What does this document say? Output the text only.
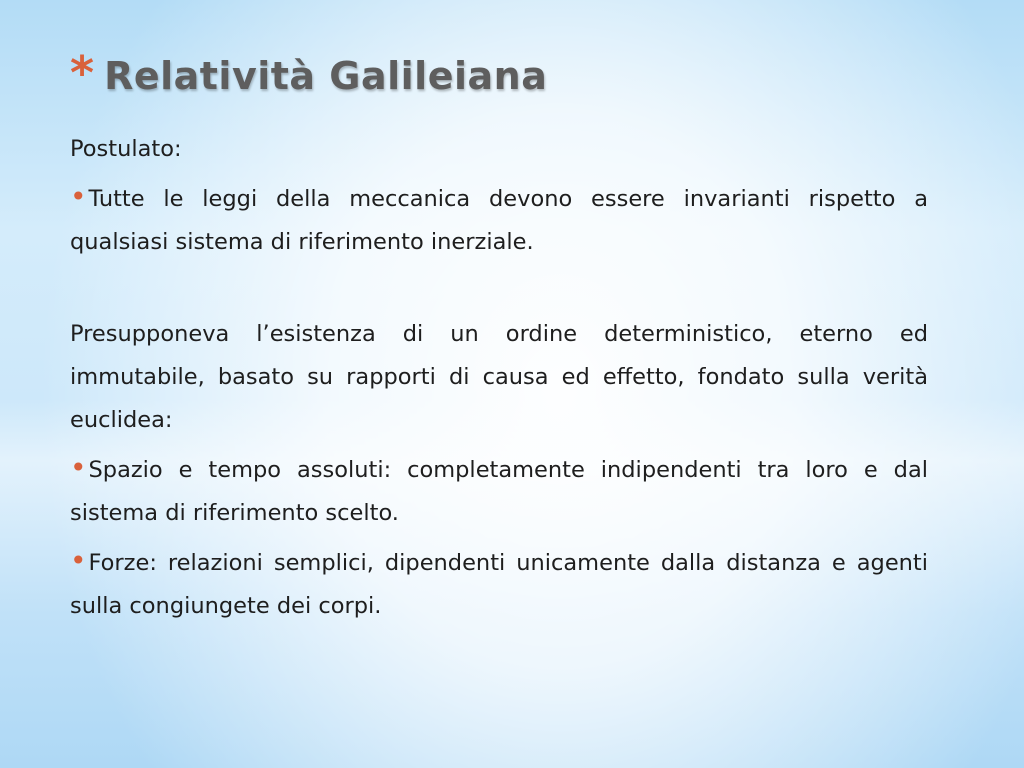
* Relatività Galileiana

Postulato:

•Tutte le leggi della meccanica devono essere invarianti rispetto a qualsiasi sistema di riferimento inerziale.

Presupponeva l’esistenza di un ordine deterministico, eterno ed immutabile, basato su rapporti di causa ed effetto, fondato sulla verità euclidea:

•Spazio e tempo assoluti: completamente indipendenti tra loro e dal sistema di riferimento scelto.

•Forze: relazioni semplici, dipendenti unicamente dalla distanza e agenti sulla congiungete dei corpi.
